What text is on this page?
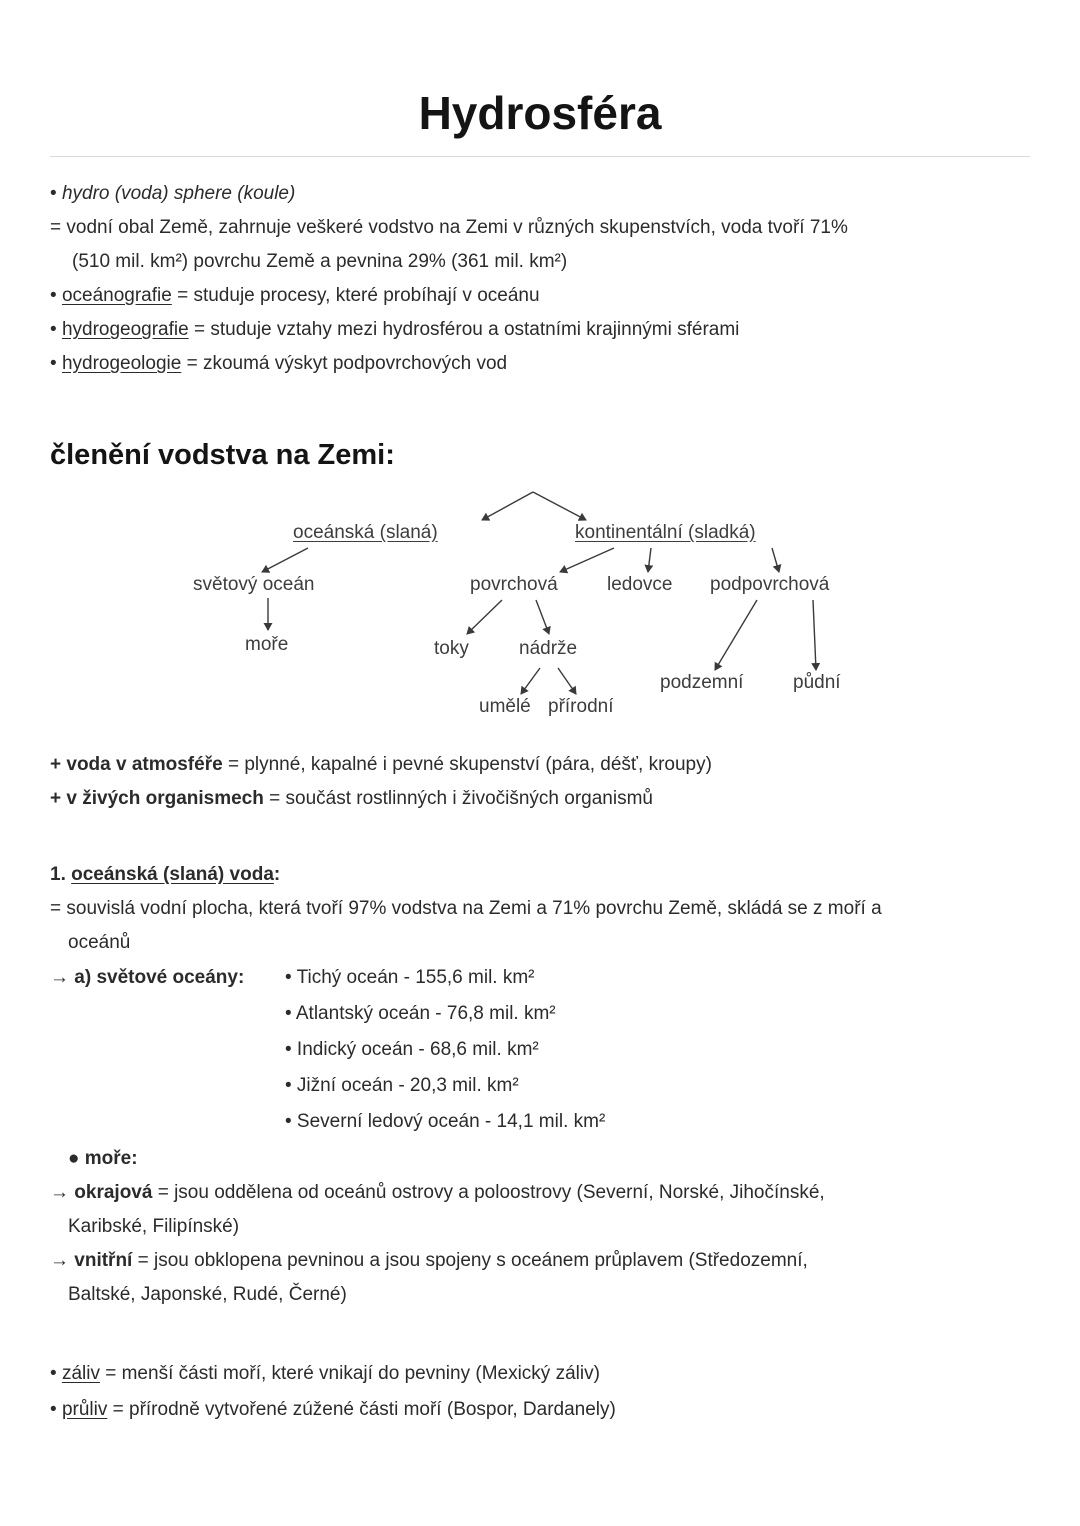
Hydrosféra
• hydro (voda) sphere (koule)
= vodní obal Země, zahrnuje veškeré vodstvo na Zemi v různých skupenstvích, voda tvoří 71%
(510 mil. km²) povrchu Země a pevnina 29% (361 mil. km²)
• oceánografie = studuje procesy, které probíhají v oceánu
• hydrogeografie = studuje vztahy mezi hydrosférou a ostatními krajinnými sférami
• hydrogeologie = zkoumá výskyt podpovrchových vod
členění vodstva na Zemi:
oceánská (slaná)	kontinentální (sladká)
světový oceán	povrchová	ledovce podpovrchová
moře	toky	nádrže
podzemní	půdní
umělé přírodní
+ voda v atmosféře = plynné, kapalné i pevné skupenství (pára, déšť, kroupy)
+ v živých organismech = součást rostlinných i živočišných organismů
1. oceánská (slaná) voda:
= souvislá vodní plocha, která tvoří 97% vodstva na Zemi a 71% povrchu Země, skládá se z moří a
oceánů
→ a) světové oceány:	• Tichý oceán - 155,6 mil. km²
• Atlantský oceán - 76,8 mil. km²
• Indický oceán - 68,6 mil. km²
• Jižní oceán - 20,3 mil. km²
• Severní ledový oceán - 14,1 mil. km²
● moře:
→ okrajová = jsou oddělena od oceánů ostrovy a poloostrovy (Severní, Norské, Jihočínské,
Karibské, Filipínské)
→ vnitřní = jsou obklopena pevninou a jsou spojeny s oceánem průplavem (Středozemní,
Baltské, Japonské, Rudé, Černé)
• záliv = menší části moří, které vnikají do pevniny (Mexický záliv)
• průliv = přírodně vytvořené zúžené části moří (Bospor, Dardanely)
